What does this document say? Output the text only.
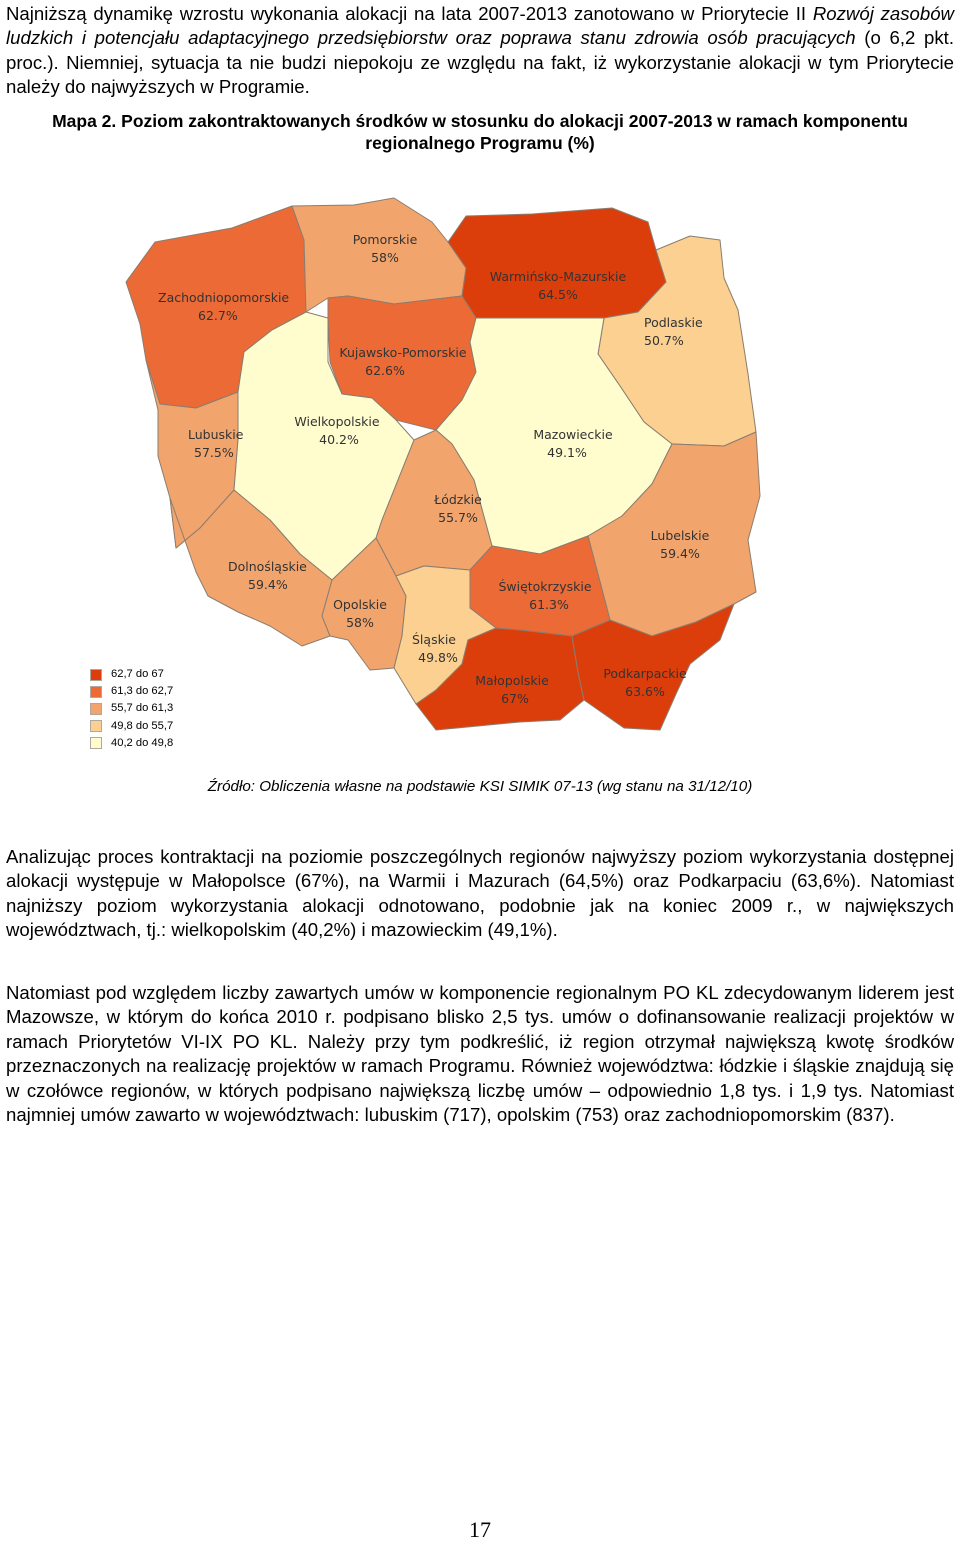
Najniższą dynamikę wzrostu wykonania alokacji na lata 2007-2013 zanotowano w Priorytecie II Rozwój zasobów ludzkich i potencjału adaptacyjnego przedsiębiorstw oraz poprawa stanu zdrowia osób pracujących (o 6,2 pkt. proc.). Niemniej, sytuacja ta nie budzi niepokoju ze względu na fakt, iż wykorzystanie alokacji w tym Priorytecie należy do najwyższych w Programie.

Mapa 2. Poziom zakontraktowanych środków w stosunku do alokacji 2007-2013 w ramach komponentu regionalnego Programu (%)

Zachodniopomorskie
62.7%
Pomorskie
58%
Warmińsko-Mazurskie
64.5%
Podlaskie
50.7%
Kujawsko-Pomorskie
62.6%
Lubuskie
57.5%
Wielkopolskie
40.2%	Mazowieckie
49.1%
Łódzkie
55.7%
Lubelskie
59.4%
Dolnośląskie
59.4%
Opolskie
58%
Świętokrzyskie
61.3%
Śląskie
49.8%
Małopolskie
67%
Podkarpackie
63.6%
62,7 do 67
61,3 do 62,7
55,7 do 61,3
49,8 do 55,7
40,2 do 49,8

Źródło: Obliczenia własne na podstawie KSI SIMIK 07-13 (wg stanu na 31/12/10)

Analizując proces kontraktacji na poziomie poszczególnych regionów najwyższy poziom wykorzystania dostępnej alokacji występuje w Małopolsce (67%), na Warmii i Mazurach (64,5%) oraz Podkarpaciu (63,6%). Natomiast najniższy poziom wykorzystania alokacji odnotowano, podobnie jak na koniec 2009 r., w największych województwach, tj.: wielkopolskim (40,2%) i mazowieckim (49,1%).

Natomiast pod względem liczby zawartych umów w komponencie regionalnym PO KL zdecydowanym liderem jest Mazowsze, w którym do końca 2010 r. podpisano blisko 2,5 tys. umów o dofinansowanie realizacji projektów w ramach Priorytetów VI-IX PO KL. Należy przy tym podkreślić, iż region otrzymał największą kwotę środków przeznaczonych na realizację projektów w ramach Programu. Również województwa: łódzkie i śląskie znajdują się w czołówce regionów, w których podpisano największą liczbę umów – odpowiednio 1,8 tys. i 1,9 tys. Natomiast najmniej umów zawarto w województwach: lubuskim (717), opolskim (753) oraz zachodniopomorskim (837).

17
